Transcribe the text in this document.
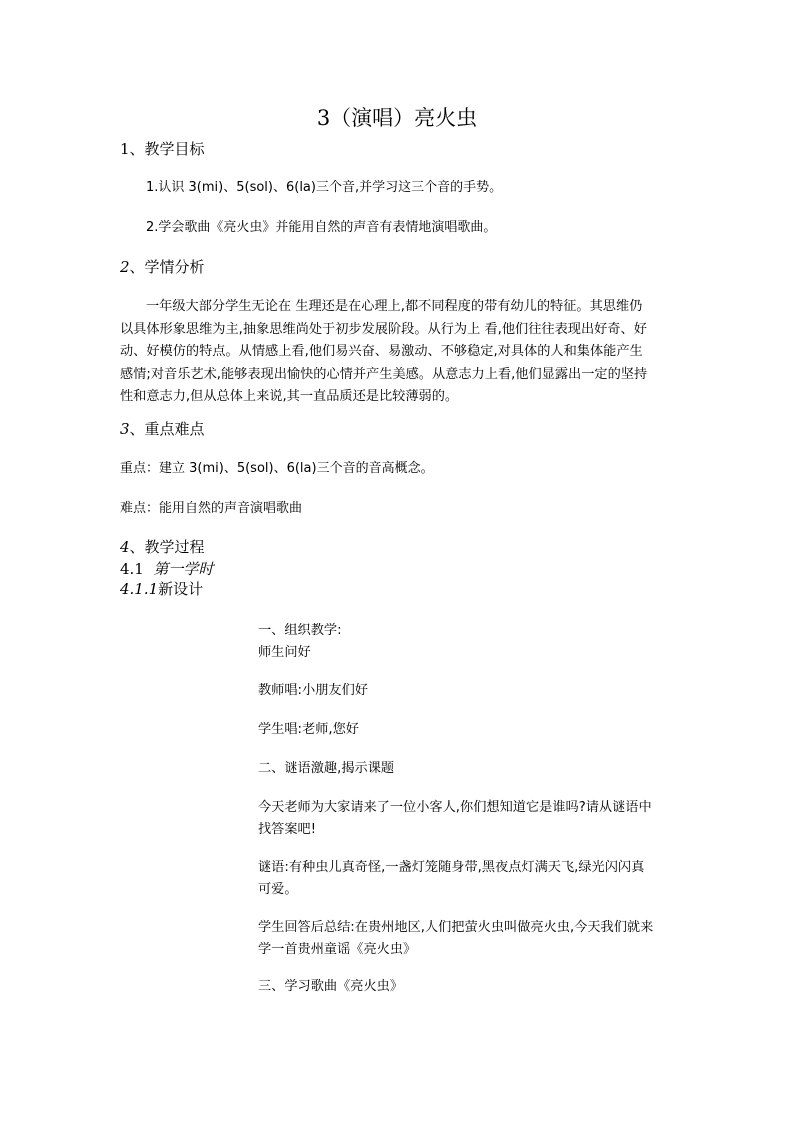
3（演唱）亮火虫
1、教学目标
1.认识 3(mi)、5(sol)、6(la)三个音,并学习这三个音的手势。
2.学会歌曲《亮火虫》并能用自然的声音有表情地演唱歌曲。
2、学情分析
一年级大部分学生无论在 生理还是在心理上,都不同程度的带有幼儿的特征。其思维仍
以具体形象思维为主,抽象思维尚处于初步发展阶段。从行为上 看,他们往往表现出好奇、好
动、好模仿的特点。从情感上看,他们易兴奋、易激动、不够稳定,对具体的人和集体能产生
感情;对音乐艺术,能够表现出愉快的心情并产生美感。从意志力上看,他们显露出一定的坚持
性和意志力,但从总体上来说,其一直品质还是比较薄弱的。
3、重点难点
重点：建立 3(mi)、5(sol)、6(la)三个音的音高概念。
难点：能用自然的声音演唱歌曲
4、教学过程
4.1 第一学时
4.1.1新设计
一、组织教学:
师生问好
教师唱:小朋友们好
学生唱:老师,您好
二、谜语激趣,揭示课题
今天老师为大家请来了一位小客人,你们想知道它是谁吗?请从谜语中
找答案吧!
谜语:有种虫儿真奇怪,一盏灯笼随身带,黑夜点灯满天飞,绿光闪闪真
可爱。
学生回答后总结:在贵州地区,人们把萤火虫叫做亮火虫,今天我们就来
学一首贵州童谣《亮火虫》
三、学习歌曲《亮火虫》
